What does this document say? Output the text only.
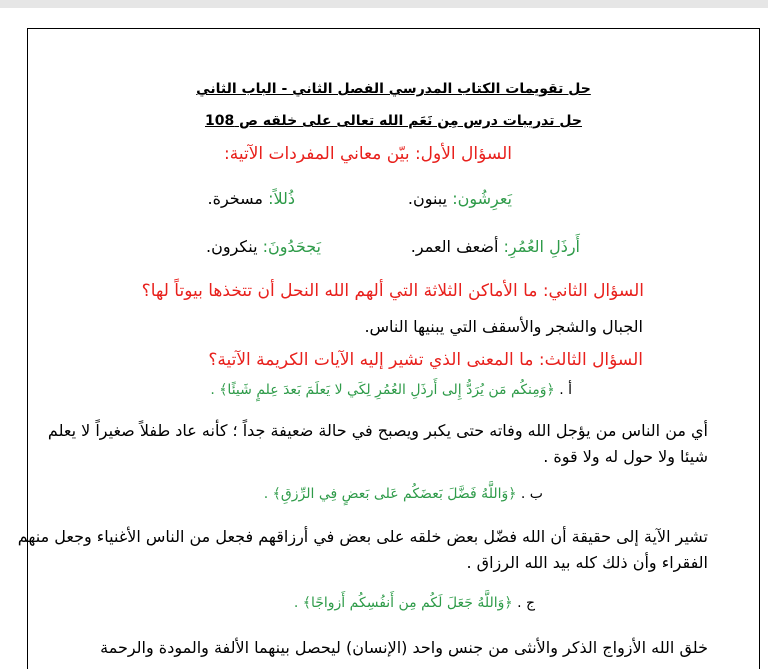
حل تقويمات الكتاب المدرسي الفصل الثاني - الباب الثاني
حل تدريبات درس مِن نَعَم الله تعالى على خلقه ص 108
السؤال الأول: بيّن معاني المفردات الآتية:
يَعرِشُون: يبنون.
ذُللاً: مسخرة.
أَرذَلِ العُمُرِ: أضعف العمر.
يَجحَدُونَ: ينكرون.
السؤال الثاني: ما الأماكن الثلاثة التي ألهم الله النحل أن تتخذها بيوتاً لها؟
الجبال والشجر والأسقف التي يبنيها الناس.
السؤال الثالث: ما المعنى الذي تشير إليه الآيات الكريمة الآتية؟
أ . ﴿وَمِنكُم مَن يُرَدُّ إِلى أَرذَلِ العُمُرِ لِكَي لا يَعلَمَ بَعدَ عِلمٍ شَيئًا﴾ .
أي من الناس من يؤجل الله وفاته حتى يكبر ويصبح في حالة ضعيفة جداً ؛ كأنه عاد طفلاً صغيراً لا يعلم
شيئا ولا حول له ولا قوة .
ب . ﴿وَاللَّهُ فَضَّلَ بَعضَكُم عَلى بَعضٍ فِي الرِّزقِ﴾ .
تشير الآية إلى حقيقة أن الله فضّل بعض خلقه على بعض في أرزاقهم فجعل من الناس الأغنياء وجعل منهم
الفقراء وأن ذلك كله بيد الله الرزاق .
ج . ﴿وَاللَّهُ جَعَلَ لَكُم مِن أَنفُسِكُم أَزواجًا﴾ .
خلق الله الأزواج الذكر والأنثى من جنس واحد (الإنسان) ليحصل بينهما الألفة والمودة والرحمة
